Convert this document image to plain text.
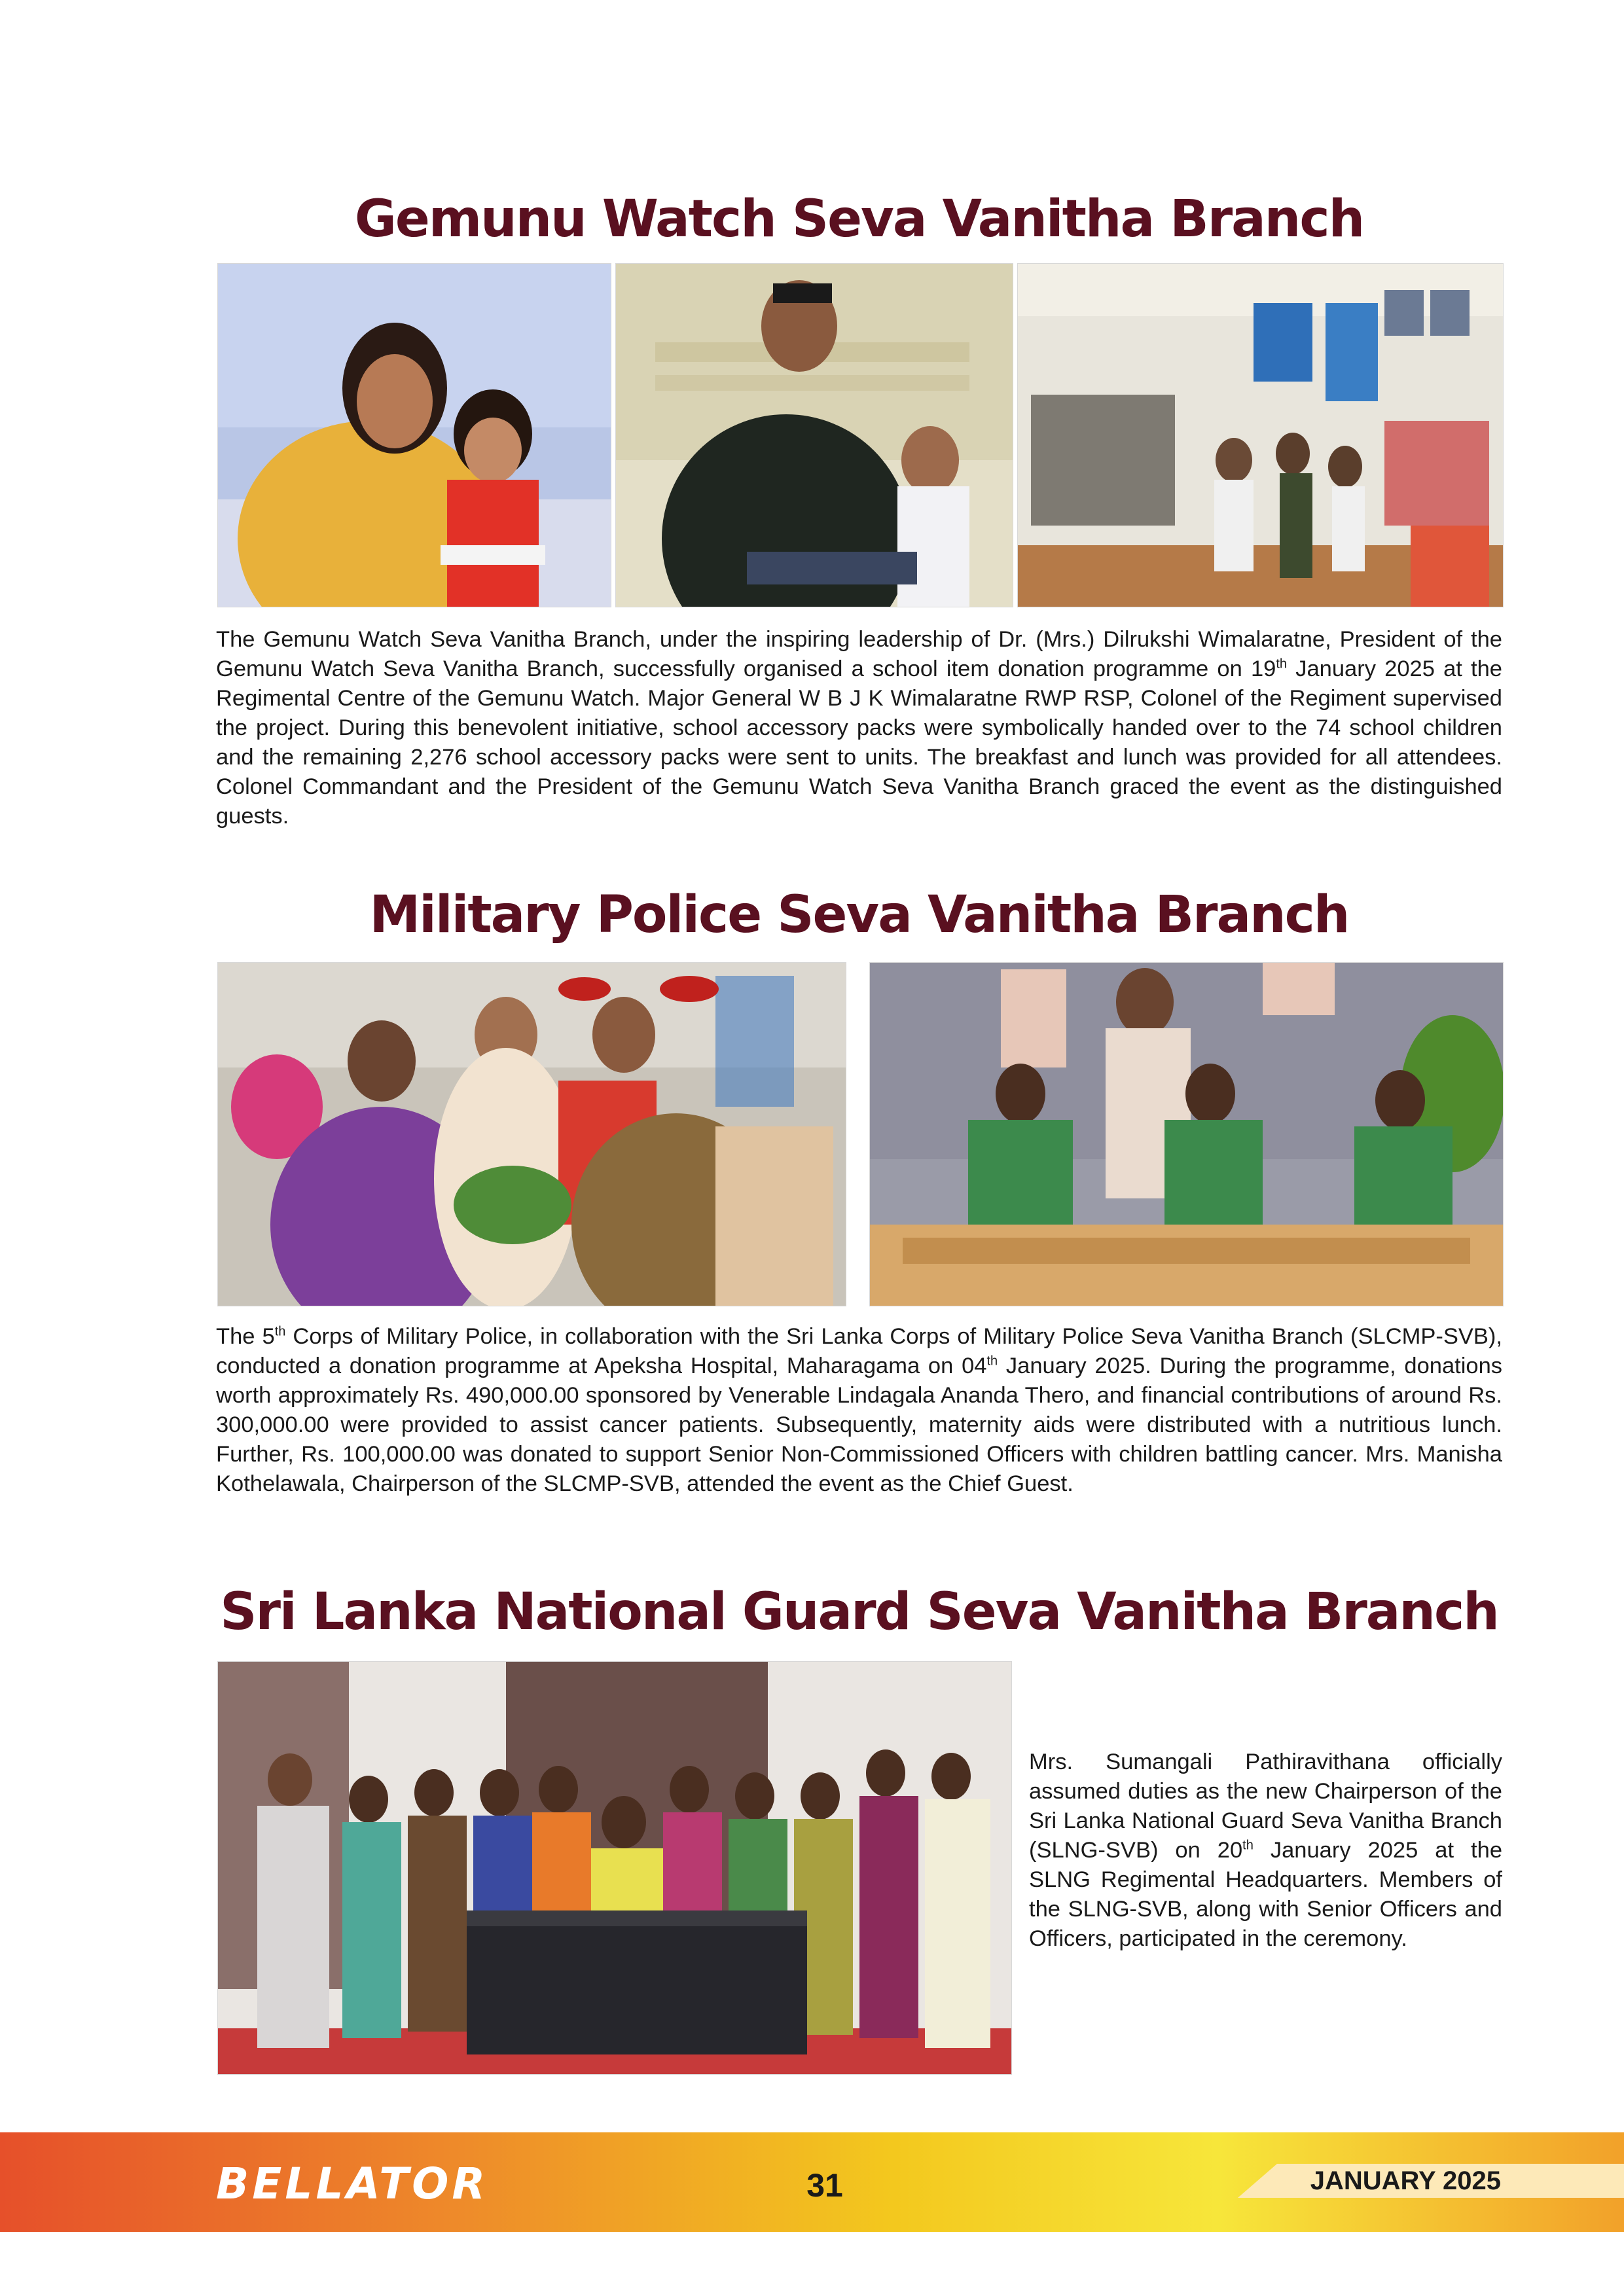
Gemunu Watch Seva Vanitha Branch

The Gemunu Watch Seva Vanitha Branch, under the inspiring leadership of Dr. (Mrs.) Dilrukshi Wimalaratne, President of the Gemunu Watch Seva Vanitha Branch, successfully organised a school item donation programme on 19th January 2025 at the Regimental Centre of the Gemunu Watch. Major General W B J K Wimalaratne RWP RSP, Colonel of the Regiment supervised the project. During this benevolent initiative, school accessory packs were symbolically handed over to the 74 school children and the remaining 2,276 school accessory packs were sent to units. The breakfast and lunch was provided for all attendees. Colonel Commandant and the President of the Gemunu Watch Seva Vanitha Branch graced the event as the distinguished guests.

Military Police Seva Vanitha Branch

The 5th Corps of Military Police, in collaboration with the Sri Lanka Corps of Military Police Seva Vanitha Branch (SLCMP-SVB), conducted a donation programme at Apeksha Hospital, Maharagama on 04th January 2025. During the programme, donations worth approximately Rs. 490,000.00 sponsored by Venerable Lindagala Ananda Thero, and financial contributions of around Rs. 300,000.00 were provided to assist cancer patients. Subsequently, maternity aids were distributed with a nutritious lunch. Further, Rs. 100,000.00 was donated to support Senior Non-Commissioned Officers with children battling cancer. Mrs. Manisha Kothelawala, Chairperson of the SLCMP-SVB, attended the event as the Chief Guest.

Sri Lanka National Guard Seva Vanitha Branch

Mrs. Sumangali Pathiravithana officially assumed duties as the new Chairperson of the Sri Lanka National Guard Seva Vanitha Branch (SLNG-SVB) on 20th January 2025 at the SLNG Regimental Headquarters. Members of the SLNG-SVB, along with Senior Officers and Officers, participated in the ceremony.

BELLATOR	31	JANUARY 2025
